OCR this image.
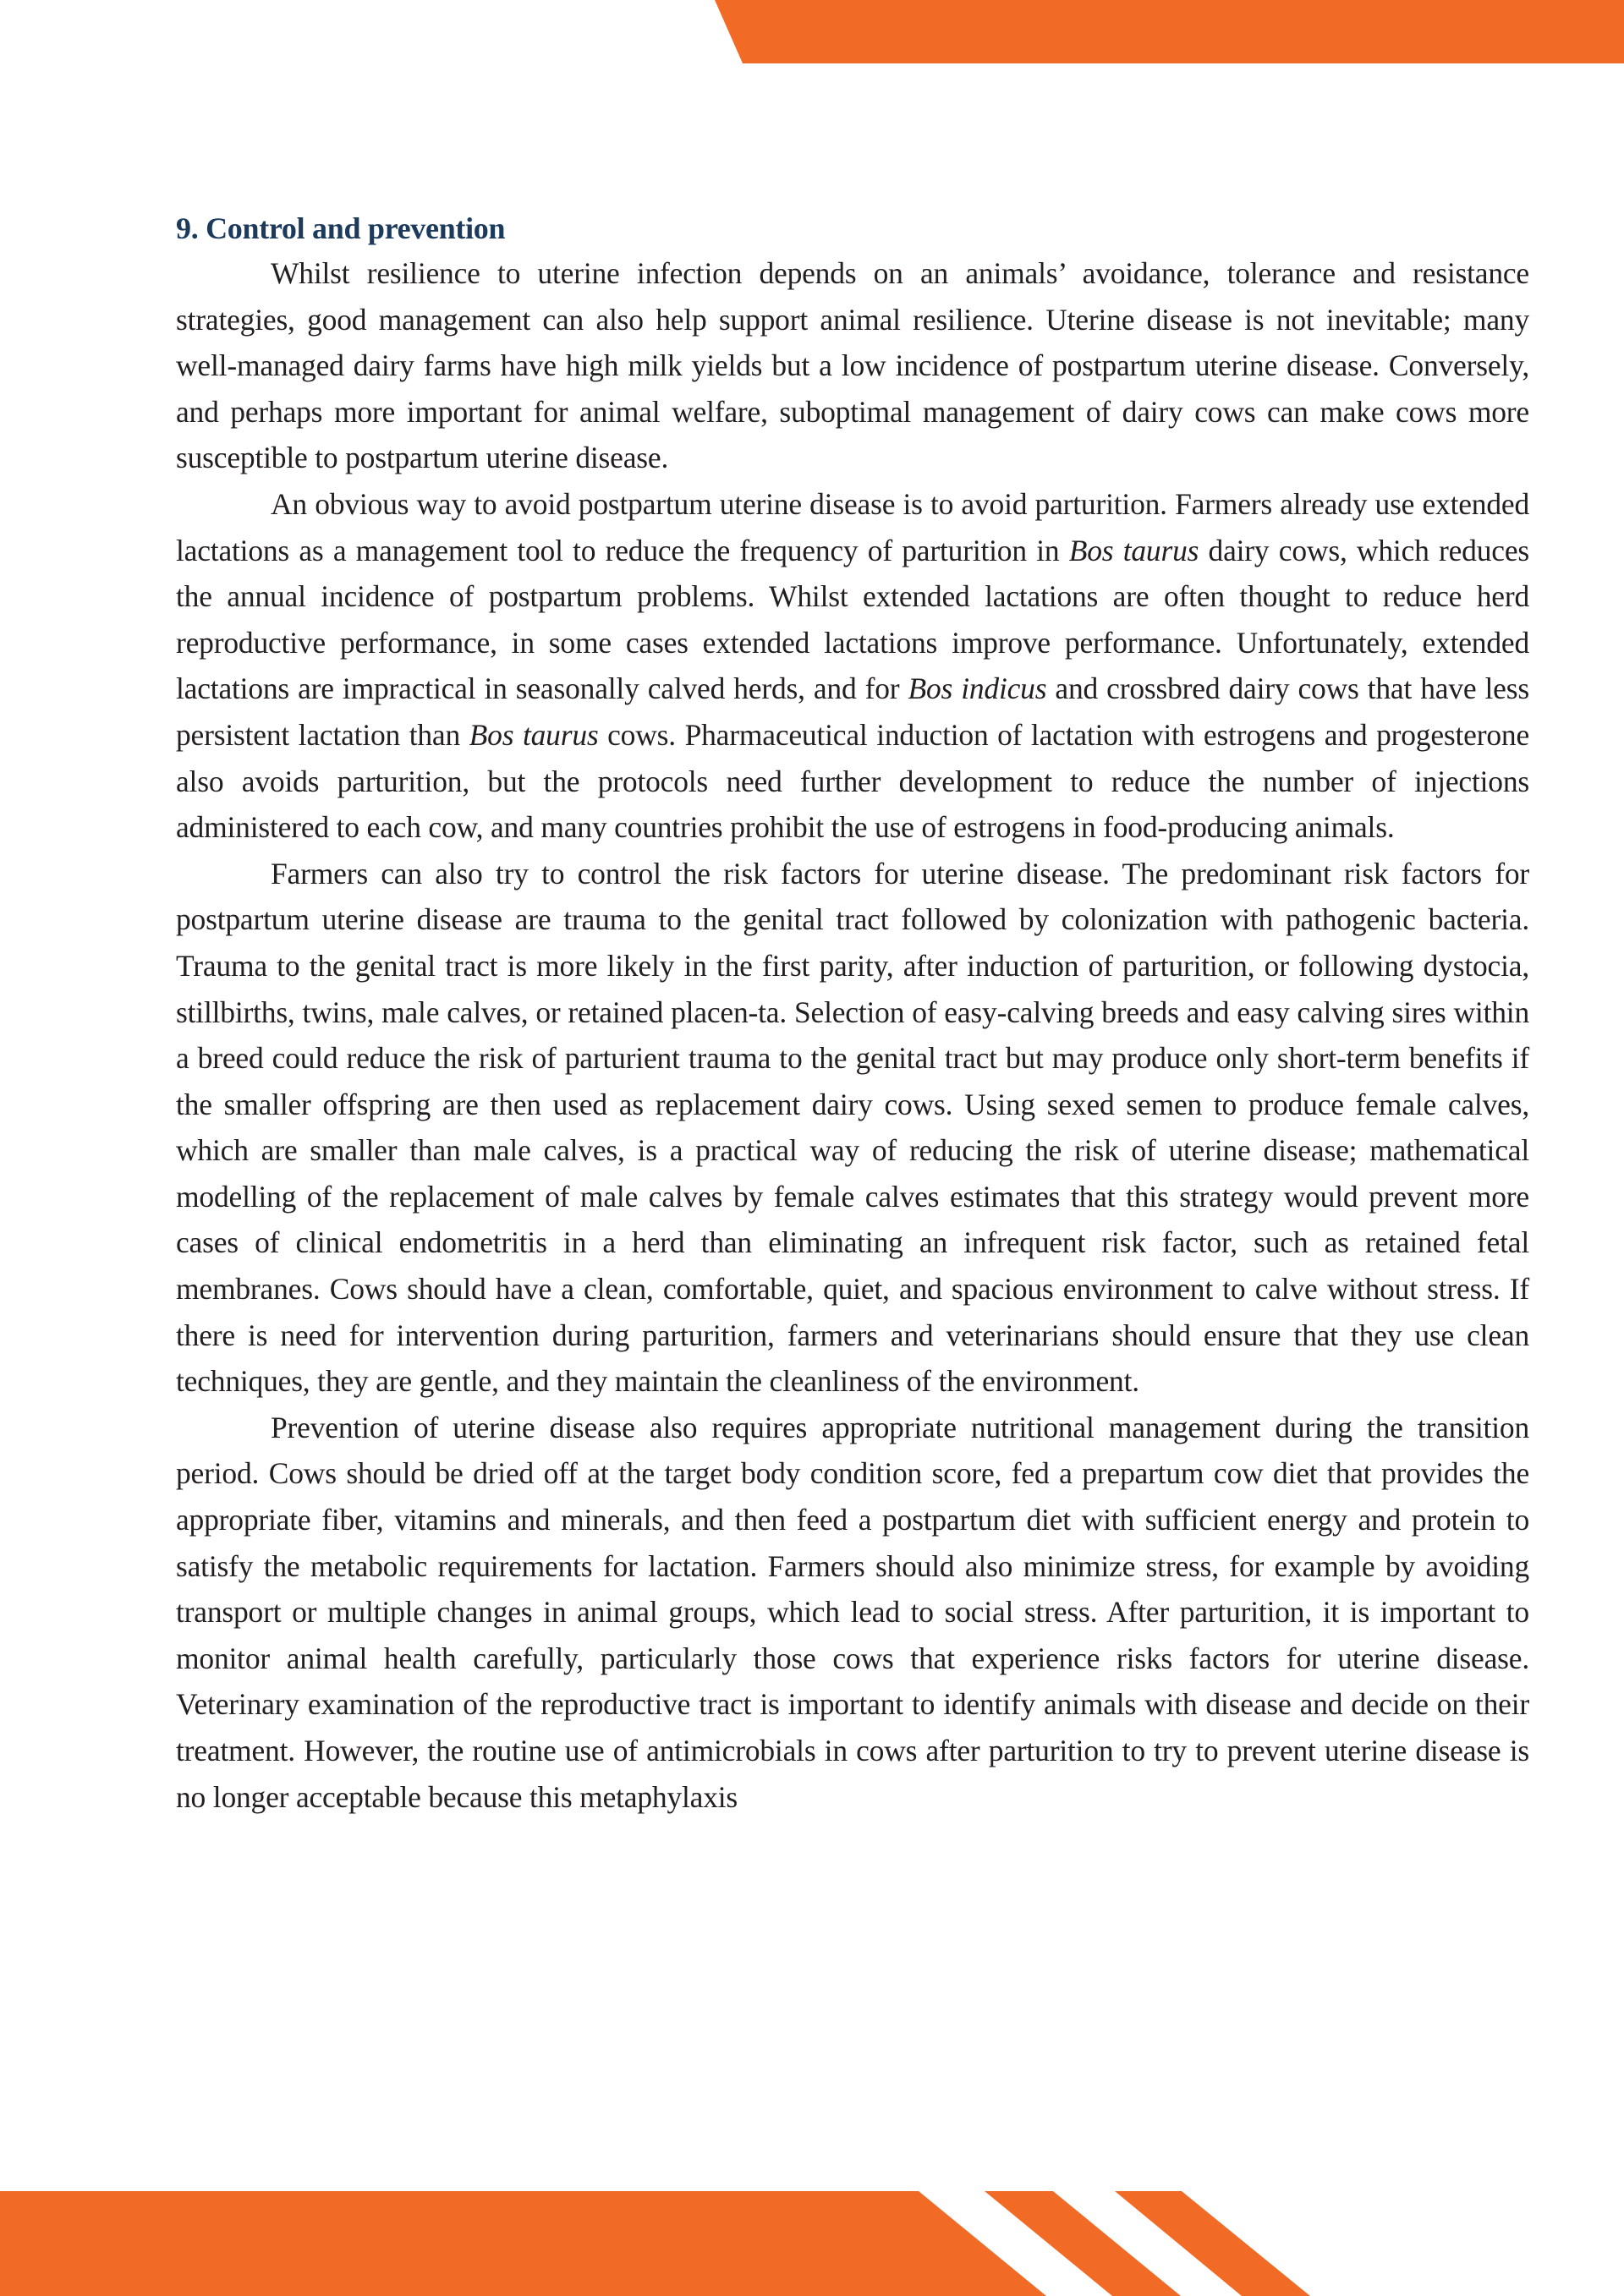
9. Control and prevention

Whilst resilience to uterine infection depends on an animals’ avoidance, tolerance and resistance strategies, good management can also help support animal resilience. Uterine disease is not inevitable; many well-managed dairy farms have high milk yields but a low incidence of postpartum uterine disease. Conversely, and perhaps more important for animal welfare, suboptimal management of dairy cows can make cows more susceptible to postpartum uterine disease.

An obvious way to avoid postpartum uterine disease is to avoid parturition. Farmers already use extended lactations as a management tool to reduce the frequency of parturition in Bos taurus dairy cows, which reduces the annual incidence of postpartum problems. Whilst extended lactations are often thought to reduce herd reproductive performance, in some cases extended lactations improve performance. Unfortunately, extended lactations are impractical in seasonally calved herds, and for Bos indicus and crossbred dairy cows that have less persistent lactation than Bos taurus cows. Pharmaceutical induction of lactation with estrogens and progesterone also avoids parturition, but the protocols need further development to reduce the number of injections administered to each cow, and many countries prohibit the use of estrogens in food-producing animals.

Farmers can also try to control the risk factors for uterine disease. The predominant risk factors for postpartum uterine disease are trauma to the genital tract followed by colonization with pathogenic bacteria. Trauma to the genital tract is more likely in the first parity, after induction of parturition, or following dystocia, stillbirths, twins, male calves, or retained placen-ta. Selection of easy-calving breeds and easy calving sires within a breed could reduce the risk of parturient trauma to the genital tract but may produce only short-term benefits if the smaller offspring are then used as replacement dairy cows. Using sexed semen to produce female calves, which are smaller than male calves, is a practical way of reducing the risk of uterine disease; mathematical modelling of the replacement of male calves by female calves estimates that this strategy would prevent more cases of clinical endometritis in a herd than eliminating an infrequent risk factor, such as retained fetal membranes. Cows should have a clean, comfortable, quiet, and spacious environment to calve without stress. If there is need for intervention during parturition, farmers and veterinarians should ensure that they use clean techniques, they are gentle, and they maintain the cleanliness of the environment.

Prevention of uterine disease also requires appropriate nutritional management during the transition period. Cows should be dried off at the target body condition score, fed a prepartum cow diet that provides the appropriate fiber, vitamins and minerals, and then feed a postpartum diet with sufficient energy and protein to satisfy the metabolic requirements for lactation. Farmers should also minimize stress, for example by avoiding transport or multiple changes in animal groups, which lead to social stress. After parturition, it is important to monitor animal health carefully, particularly those cows that experience risks factors for uterine disease. Veterinary examination of the reproductive tract is important to identify animals with disease and decide on their treatment. However, the routine use of antimicrobials in cows after parturition to try to prevent uterine disease is no longer acceptable because this metaphylaxis
